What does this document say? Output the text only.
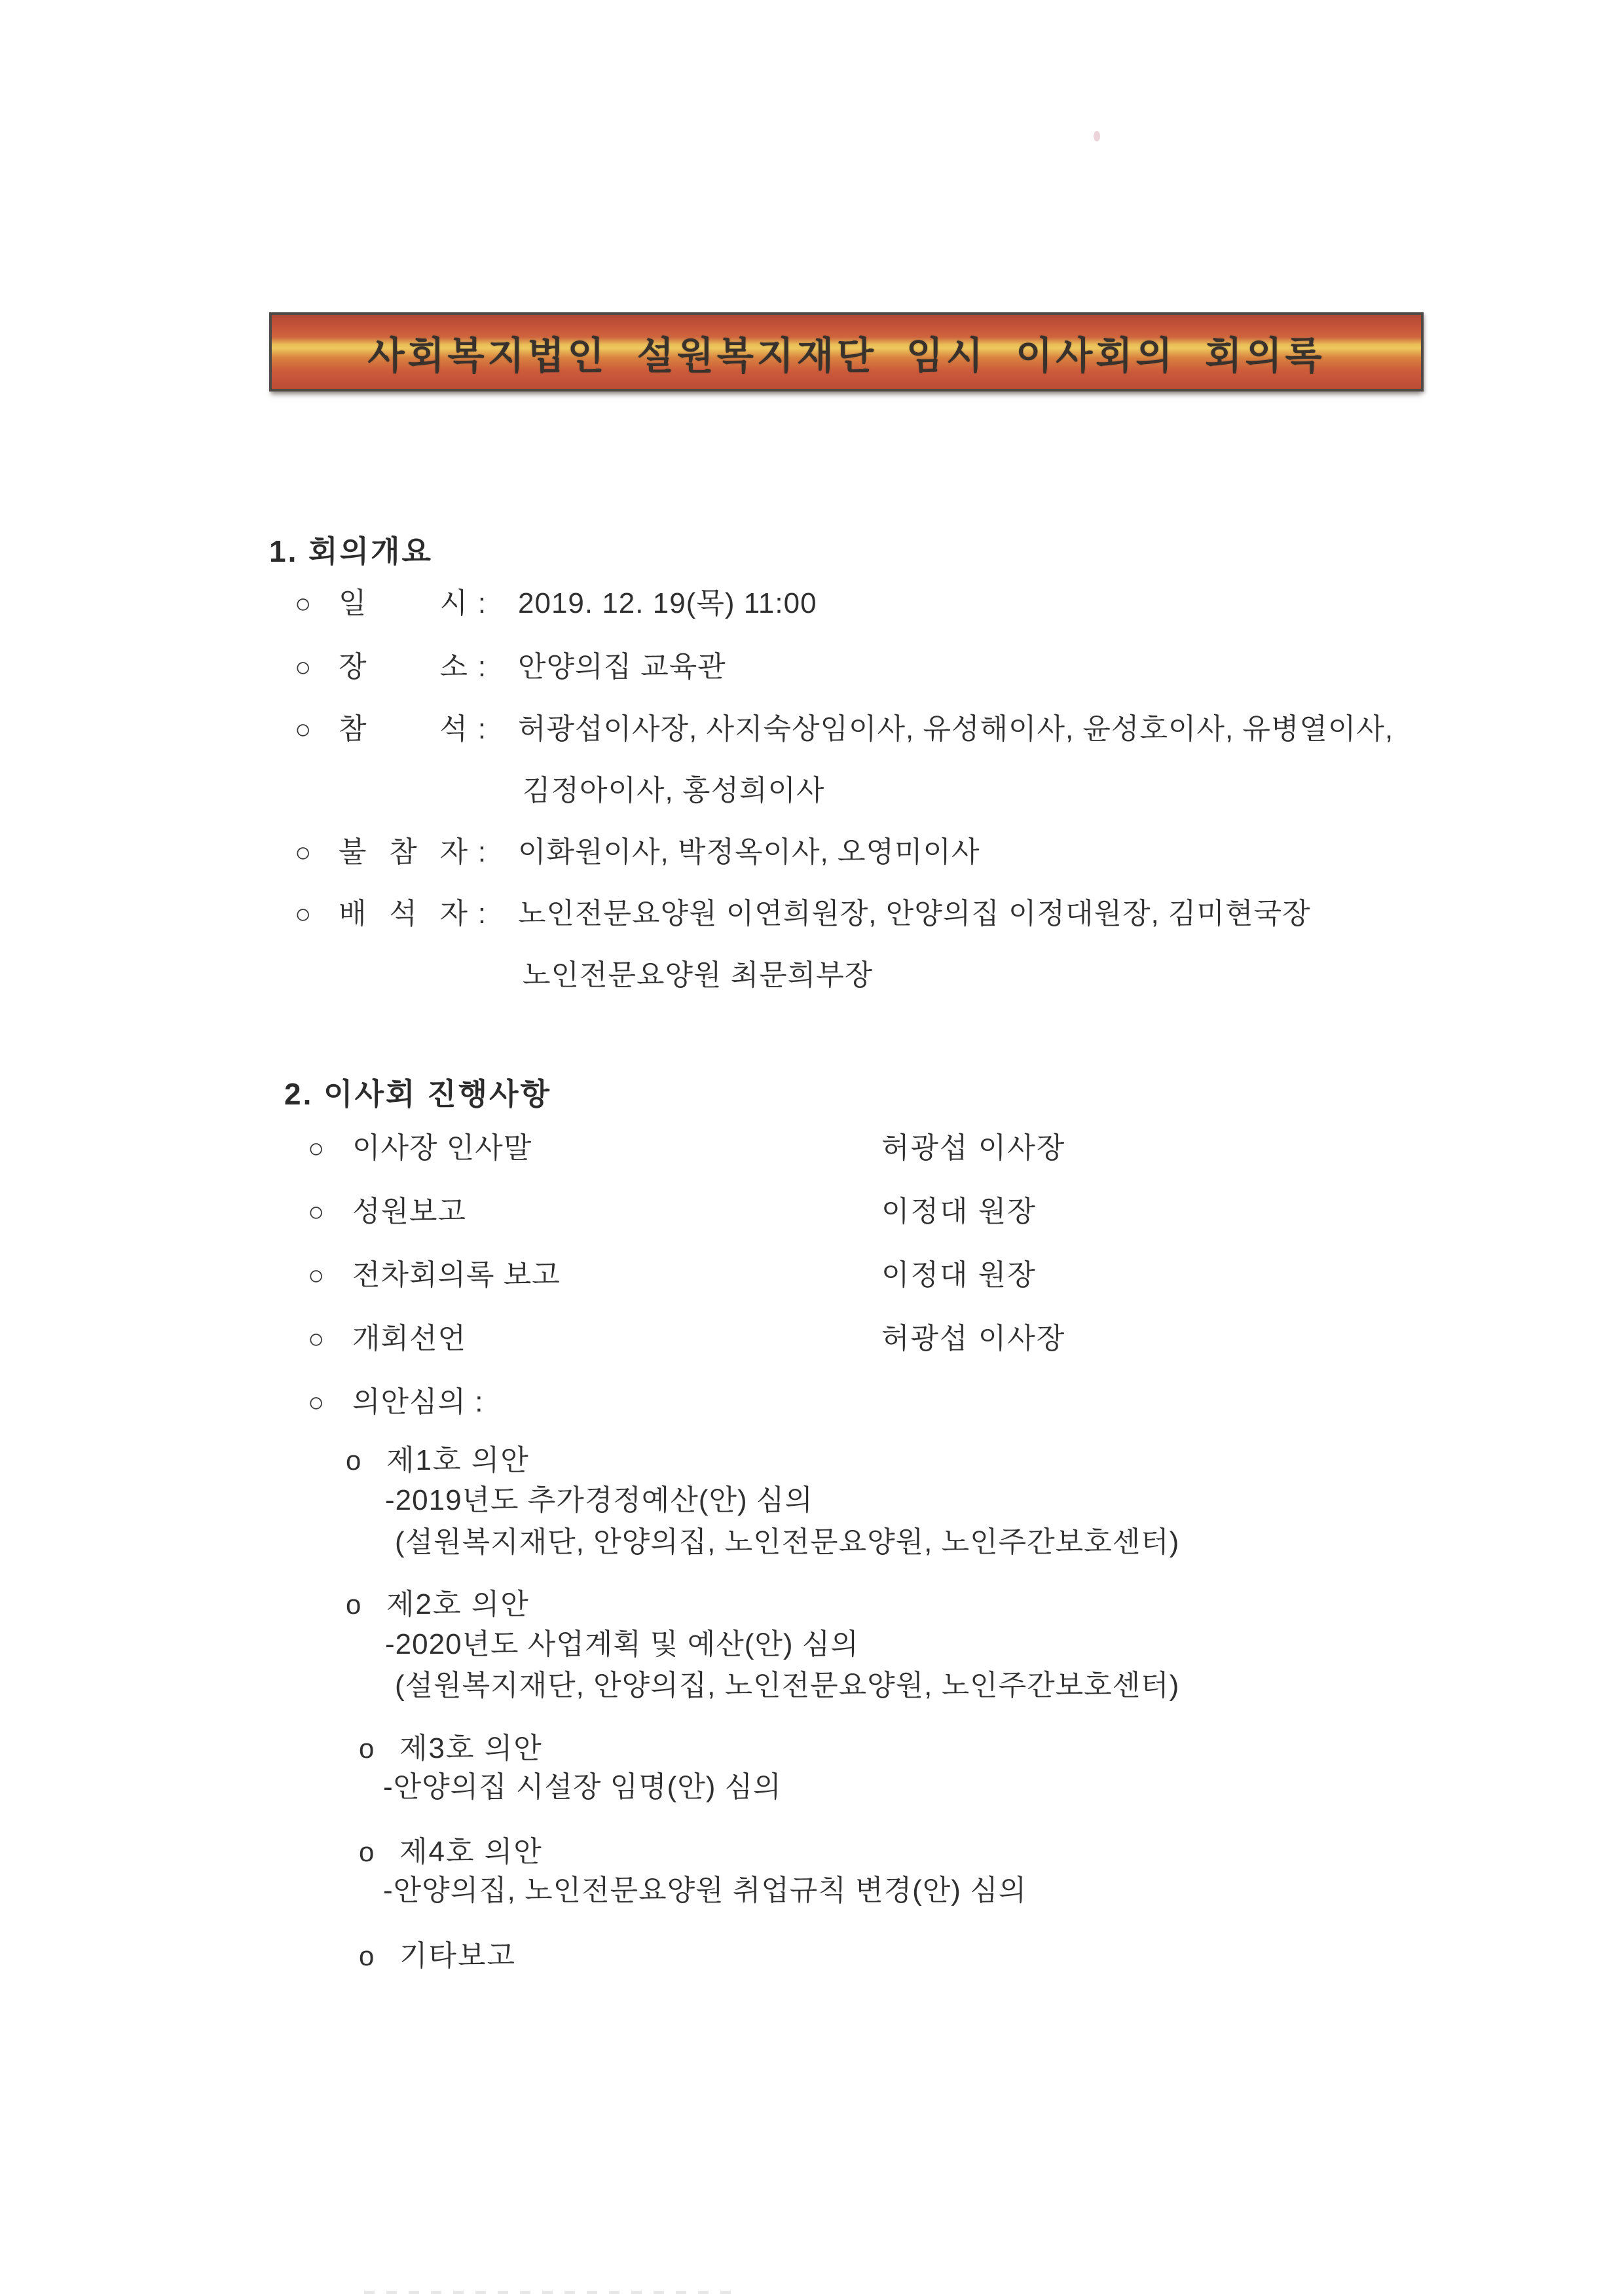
사회복지법인 설원복지재단 임시 이사회의 회의록
1. 회의개요
○ 일 시 :	2019. 12. 19(목) 11:00
○ 장 소 :	안양의집 교육관
○ 참 석 :	허광섭이사장, 사지숙상임이사, 유성해이사, 윤성호이사, 유병열이사,
김정아이사, 홍성희이사
○ 불 참 자 :	이화원이사, 박정옥이사, 오영미이사
○ 배 석 자 :	노인전문요양원 이연희원장, 안양의집 이정대원장, 김미현국장
노인전문요양원 최문희부장
2. 이사회 진행사항
○ 이사장 인사말	허광섭 이사장
○ 성원보고	이정대 원장
○ 전차회의록 보고	이정대 원장
○ 개회선언	허광섭 이사장
○ 의안심의 :
o 제1호 의안
-2019년도 추가경정예산(안) 심의
(설원복지재단, 안양의집, 노인전문요양원, 노인주간보호센터)
o 제2호 의안
-2020년도 사업계획 및 예산(안) 심의
(설원복지재단, 안양의집, 노인전문요양원, 노인주간보호센터)
o 제3호 의안
-안양의집 시설장 임명(안) 심의
o 제4호 의안
-안양의집, 노인전문요양원 취업규칙 변경(안) 심의
o 기타보고
